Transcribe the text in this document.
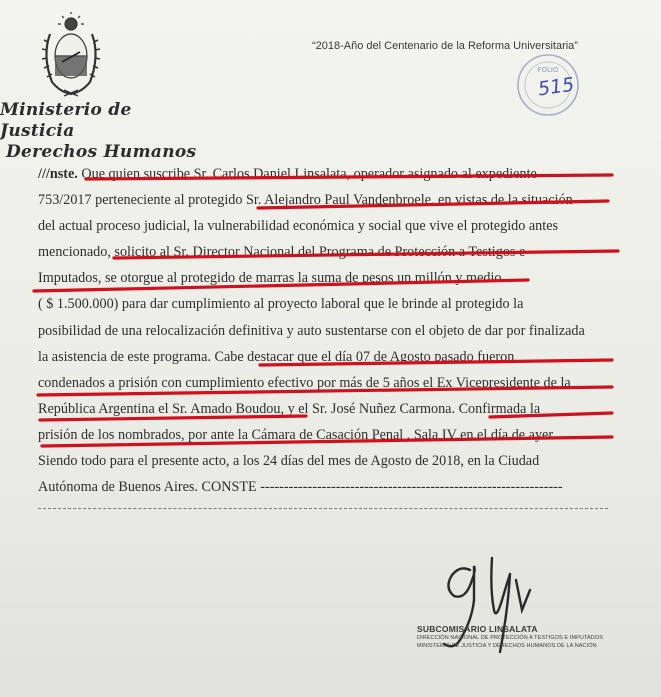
Ministerio de Justicia
Derechos Humanos
“2018-Año del Centenario de la Reforma Universitaria”
FOLIO
515

///nste. Que quien suscribe Sr. Carlos Daniel Linsalata, operador asignado al expediente
753/2017 perteneciente al protegido Sr. Alejandro Paul Vandenbroele, en vistas de la situación
del actual proceso judicial, la vulnerabilidad económica y social que vive el protegido antes
mencionado, solicito al Sr. Director Nacional del Programa de Protección a Testigos e
Imputados, se otorgue al protegido de marras la suma de pesos un millón y medio
( $ 1.500.000) para dar cumplimiento al proyecto laboral que le brinde al protegido la
posibilidad de una relocalización definitiva y auto sustentarse con el objeto de dar por finalizada
la asistencia de este programa. Cabe destacar que el día 07 de Agosto pasado fueron
condenados a prisión con cumplimiento efectivo por más de 5 años el Ex Vicepresidente de la
República Argentina el Sr. Amado Boudou, y el Sr. José Nuñez Carmona. Confirmada la
prisión de los nombrados, por ante la Cámara de Casación Penal , Sala IV en el día de ayer .
Siendo todo para el presente acto, a los 24 días del mes de Agosto de 2018, en la Ciudad
Autónoma de Buenos Aires. CONSTE ----------------------------------------------------------------
SUBCOMISARIO LINSALATA
DIRECCIÓN NACIONAL DE PROTECCIÓN A TESTIGOS E IMPUTADOS
MINISTERIO DE JUSTICIA Y DERECHOS HUMANOS DE LA NACIÓN
